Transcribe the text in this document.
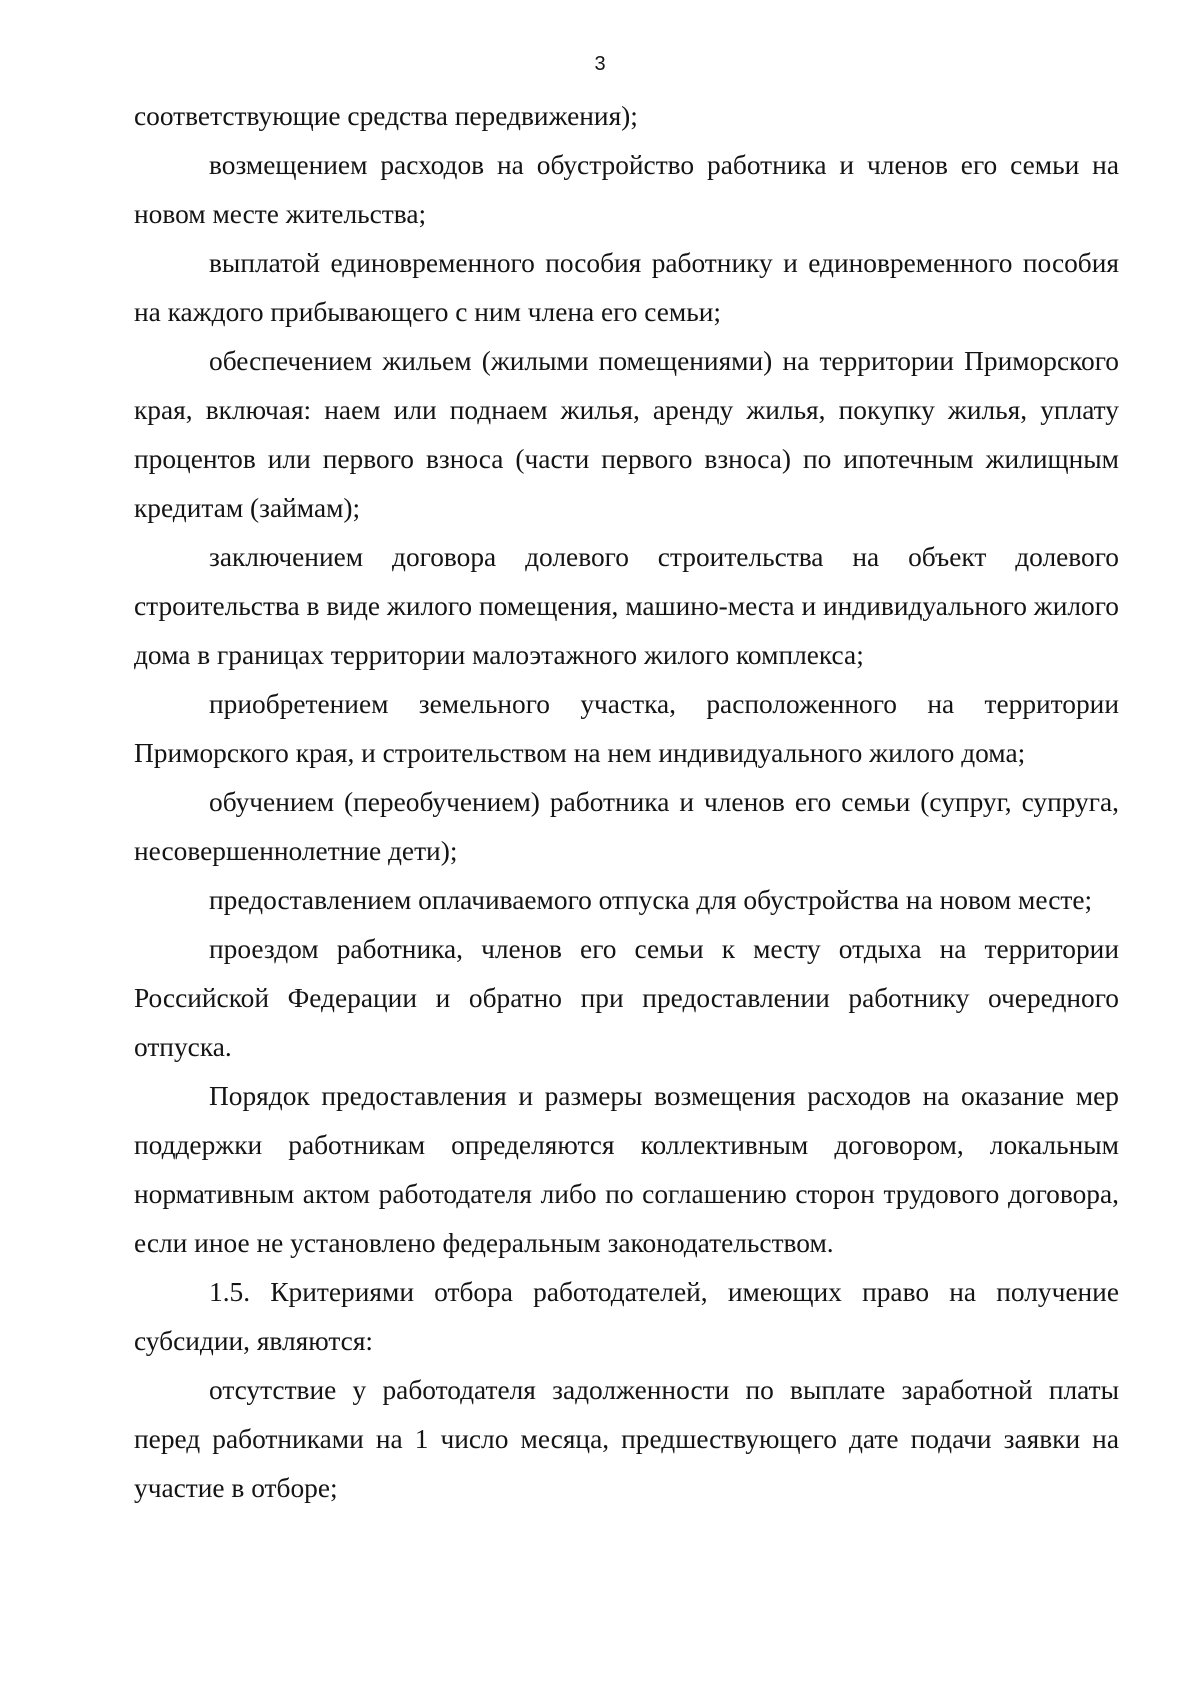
3

соответствующие средства передвижения);

возмещением расходов на обустройство работника и членов его семьи на новом месте жительства;

выплатой единовременного пособия работнику и единовременного пособия на каждого прибывающего с ним члена его семьи;

обеспечением жильем (жилыми помещениями) на территории Приморского края, включая: наем или поднаем жилья, аренду жилья, покупку жилья, уплату процентов или первого взноса (части первого взноса) по ипотечным жилищным кредитам (займам);

заключением договора долевого строительства на объект долевого строительства в виде жилого помещения, машино-места и индивидуального жилого дома в границах территории малоэтажного жилого комплекса;

приобретением земельного участка, расположенного на территории Приморского края, и строительством на нем индивидуального жилого дома;

обучением (переобучением) работника и членов его семьи (супруг, супруга, несовершеннолетние дети);

предоставлением оплачиваемого отпуска для обустройства на новом месте;

проездом работника, членов его семьи к месту отдыха на территории Российской Федерации и обратно при предоставлении работнику очередного отпуска.

Порядок предоставления и размеры возмещения расходов на оказание мер поддержки работникам определяются коллективным договором, локальным нормативным актом работодателя либо по соглашению сторон трудового договора, если иное не установлено федеральным законодательством.

1.5. Критериями отбора работодателей, имеющих право на получение субсидии, являются:

отсутствие у работодателя задолженности по выплате заработной платы перед работниками на 1 число месяца, предшествующего дате подачи заявки на участие в отборе;
